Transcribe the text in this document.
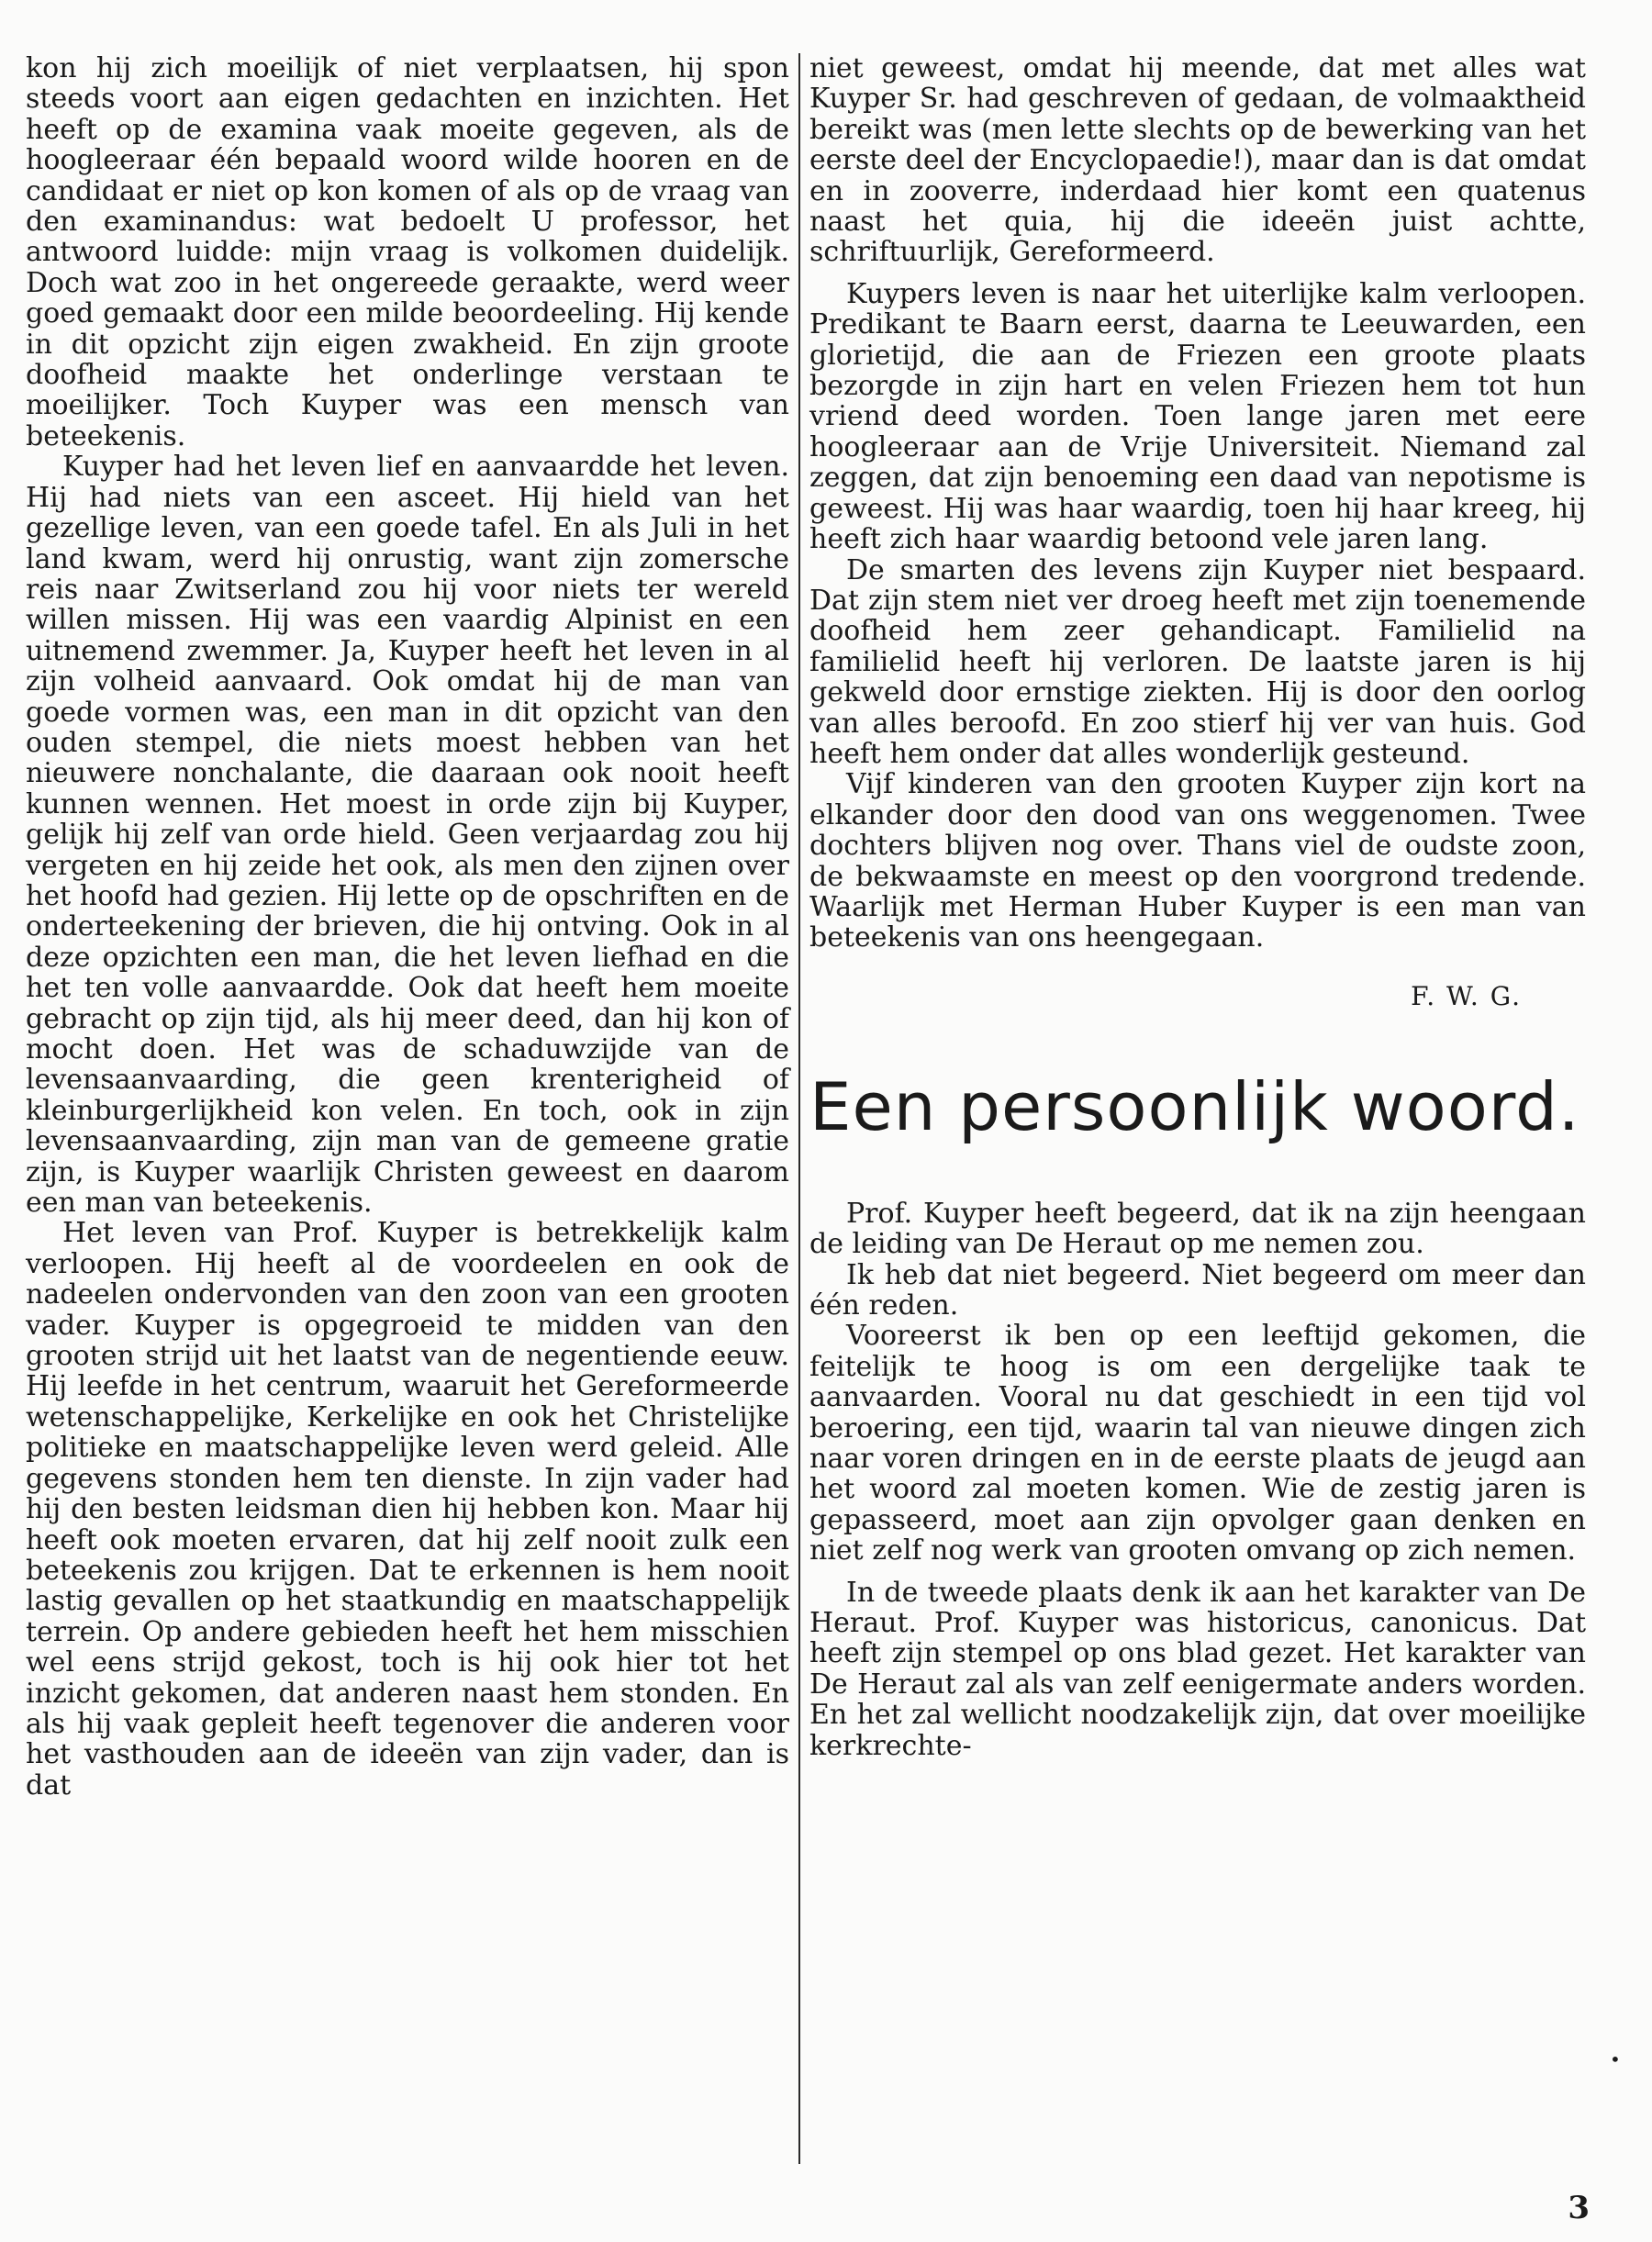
kon hij zich moeilijk of niet verplaatsen, hij spon steeds voort aan eigen gedachten en inzichten. Het heeft op de examina vaak moeite gegeven, als de hoogleeraar één bepaald woord wilde hooren en de candidaat er niet op kon komen of als op de vraag van den examinandus: wat bedoelt U professor, het antwoord luidde: mijn vraag is volkomen duidelijk. Doch wat zoo in het ongereede geraakte, werd weer goed gemaakt door een milde beoordeeling. Hij kende in dit opzicht zijn eigen zwakheid. En zijn groote doofheid maakte het onderlinge verstaan te moeilijker. Toch Kuyper was een mensch van beteekenis.

Kuyper had het leven lief en aanvaardde het leven. Hij had niets van een asceet. Hij hield van het gezellige leven, van een goede tafel. En als Juli in het land kwam, werd hij onrustig, want zijn zomersche reis naar Zwitserland zou hij voor niets ter wereld willen missen. Hij was een vaardig Alpinist en een uitnemend zwemmer. Ja, Kuyper heeft het leven in al zijn volheid aanvaard. Ook omdat hij de man van goede vormen was, een man in dit opzicht van den ouden stempel, die niets moest hebben van het nieuwere nonchalante, die daaraan ook nooit heeft kunnen wennen. Het moest in orde zijn bij Kuyper, gelijk hij zelf van orde hield. Geen verjaardag zou hij vergeten en hij zeide het ook, als men den zijnen over het hoofd had gezien. Hij lette op de opschriften en de onderteekening der brieven, die hij ontving. Ook in al deze opzichten een man, die het leven liefhad en die het ten volle aanvaardde. Ook dat heeft hem moeite gebracht op zijn tijd, als hij meer deed, dan hij kon of mocht doen. Het was de schaduwzijde van de levensaanvaarding, die geen krenterigheid of kleinburgerlijkheid kon velen. En toch, ook in zijn levensaanvaarding, zijn man van de gemeene gratie zijn, is Kuyper waarlijk Christen geweest en daarom een man van beteekenis.

Het leven van Prof. Kuyper is betrekkelijk kalm verloopen. Hij heeft al de voordeelen en ook de nadeelen ondervonden van den zoon van een grooten vader. Kuyper is opgegroeid te midden van den grooten strijd uit het laatst van de negentiende eeuw. Hij leefde in het centrum, waaruit het Gereformeerde wetenschappelijke, Kerkelijke en ook het Christelijke politieke en maatschappelijke leven werd geleid. Alle gegevens stonden hem ten dienste. In zijn vader had hij den besten leidsman dien hij hebben kon. Maar hij heeft ook moeten ervaren, dat hij zelf nooit zulk een beteekenis zou krijgen. Dat te erkennen is hem nooit lastig gevallen op het staatkundig en maatschappelijk terrein. Op andere gebieden heeft het hem misschien wel eens strijd gekost, toch is hij ook hier tot het inzicht gekomen, dat anderen naast hem stonden. En als hij vaak gepleit heeft tegenover die anderen voor het vasthouden aan de ideeën van zijn vader, dan is dat

niet geweest, omdat hij meende, dat met alles wat Kuyper Sr. had geschreven of gedaan, de volmaaktheid bereikt was (men lette slechts op de bewerking van het eerste deel der Encyclopaedie!), maar dan is dat omdat en in zooverre, inderdaad hier komt een quatenus naast het quia, hij die ideeën juist achtte, schriftuurlijk, Gereformeerd.

Kuypers leven is naar het uiterlijke kalm verloopen. Predikant te Baarn eerst, daarna te Leeuwarden, een glorietijd, die aan de Friezen een groote plaats bezorgde in zijn hart en velen Friezen hem tot hun vriend deed worden. Toen lange jaren met eere hoogleeraar aan de Vrije Universiteit. Niemand zal zeggen, dat zijn benoeming een daad van nepotisme is geweest. Hij was haar waardig, toen hij haar kreeg, hij heeft zich haar waardig betoond vele jaren lang.

De smarten des levens zijn Kuyper niet bespaard. Dat zijn stem niet ver droeg heeft met zijn toenemende doofheid hem zeer gehandicapt. Familielid na familielid heeft hij verloren. De laatste jaren is hij gekweld door ernstige ziekten. Hij is door den oorlog van alles beroofd. En zoo stierf hij ver van huis. God heeft hem onder dat alles wonderlijk gesteund.

Vijf kinderen van den grooten Kuyper zijn kort na elkander door den dood van ons weggenomen. Twee dochters blijven nog over. Thans viel de oudste zoon, de bekwaamste en meest op den voorgrond tredende. Waarlijk met Herman Huber Kuyper is een man van beteekenis van ons heengegaan.

F. W. G.
Een persoonlijk woord.

Prof. Kuyper heeft begeerd, dat ik na zijn heengaan de leiding van De Heraut op me nemen zou.

Ik heb dat niet begeerd. Niet begeerd om meer dan één reden.

Vooreerst ik ben op een leeftijd gekomen, die feitelijk te hoog is om een dergelijke taak te aanvaarden. Vooral nu dat geschiedt in een tijd vol beroering, een tijd, waarin tal van nieuwe dingen zich naar voren dringen en in de eerste plaats de jeugd aan het woord zal moeten komen. Wie de zestig jaren is gepasseerd, moet aan zijn opvolger gaan denken en niet zelf nog werk van grooten omvang op zich nemen.

In de tweede plaats denk ik aan het karakter van De Heraut. Prof. Kuyper was historicus, canonicus. Dat heeft zijn stempel op ons blad gezet. Het karakter van De Heraut zal als van zelf eenigermate anders worden. En het zal wellicht noodzakelijk zijn, dat over moeilijke kerkrechte-

•
3
